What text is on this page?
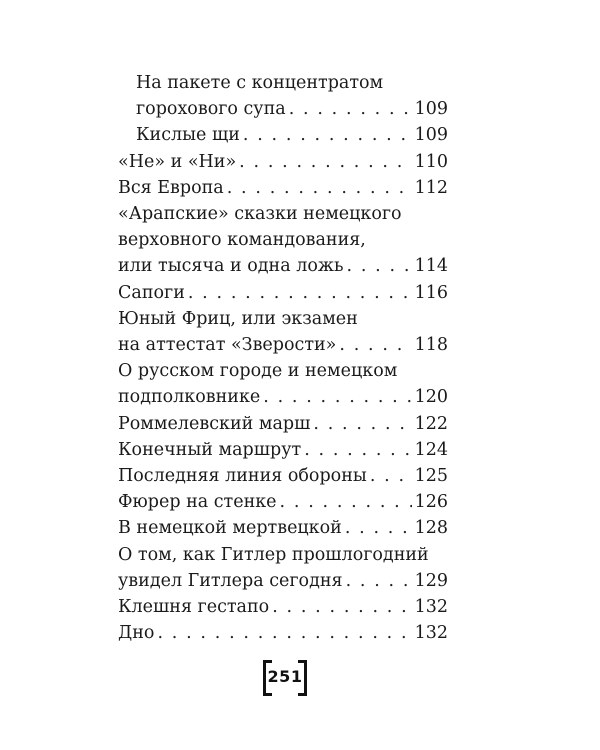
На пакете с концентратом
горохового супа . . .	109
Кислые щи . . .	109
«Не» и «Ни» . . .	110
Вся Европа . . .	112
«Арапские» сказки немецкого
верховного командования,
или тысяча и одна ложь . . .	114
Сапоги . . .	116
Юный Фриц, или экзамен
на аттестат «Зверости» . . .	118
О русском городе и немецком
подполковнике . . .	120
Роммелевский марш . . .	122
Конечный маршрут . . .	124
Последняя линия обороны . . .	125
Фюрер на стенке . . .	126
В немецкой мертвецкой . . .	128
О том, как Гитлер прошлогодний
увидел Гитлера сегодня . . .	129
Клешня гестапо . . .	132
Дно . . .	132
251
